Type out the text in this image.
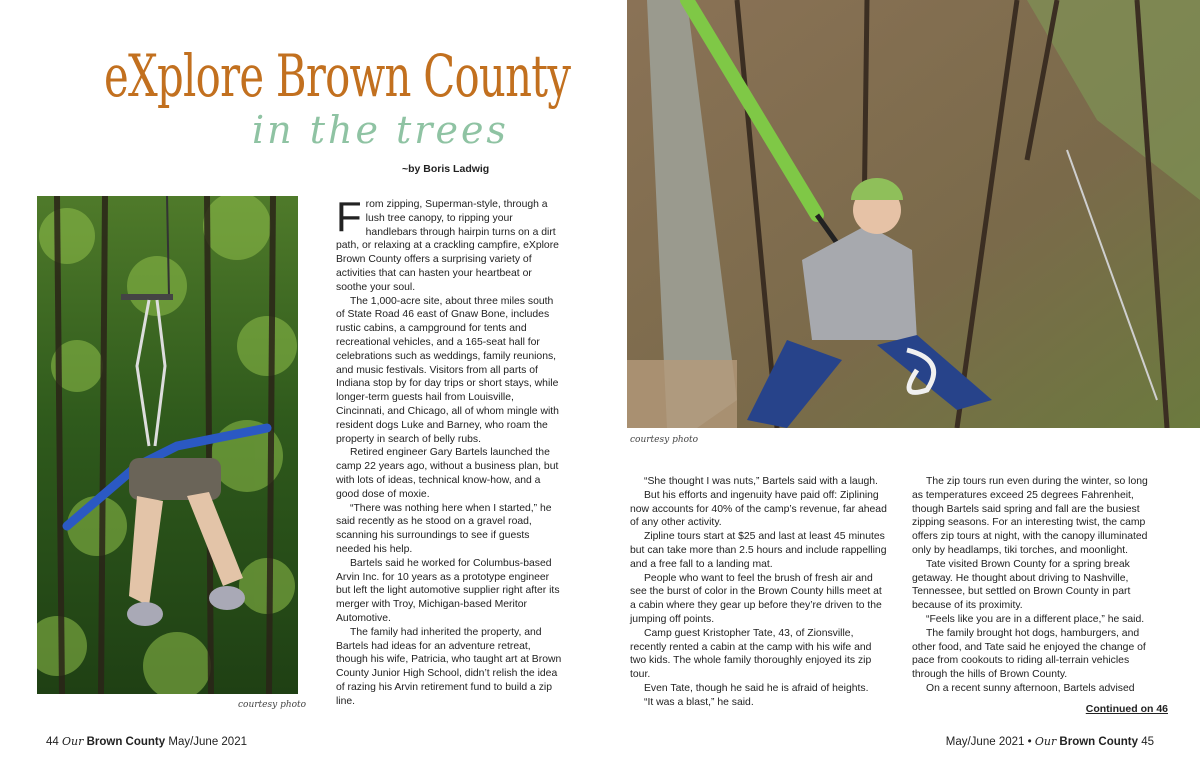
eXplore Brown County
in the trees
~by Boris Ladwig
courtesy photo
F rom zipping, Superman-style, through a lush tree canopy, to ripping your handlebars through hairpin turns on a dirt path, or relaxing at a crackling campfire, eXplore Brown County offers a surprising variety of activities that can hasten your heartbeat or soothe your soul.

The 1,000-acre site, about three miles south of State Road 46 east of Gnaw Bone, includes rustic cabins, a campground for tents and recreational vehicles, and a 165-seat hall for celebrations such as weddings, family reunions, and music festivals. Visitors from all parts of Indiana stop by for day trips or short stays, while longer-term guests hail from Louisville, Cincinnati, and Chicago, all of whom mingle with resident dogs Luke and Barney, who roam the property in search of belly rubs.

Retired engineer Gary Bartels launched the camp 22 years ago, without a business plan, but with lots of ideas, technical know-how, and a good dose of moxie.

“There was nothing here when I started,” he said recently as he stood on a gravel road, scanning his surroundings to see if guests needed his help.

Bartels said he worked for Columbus-based Arvin Inc. for 10 years as a prototype engineer but left the light automotive supplier right after its merger with Troy, Michigan-based Meritor Automotive.

The family had inherited the property, and Bartels had ideas for an adventure retreat, though his wife, Patricia, who taught art at Brown County Junior High School, didn’t relish the idea of razing his Arvin retirement fund to build a zip line.

courtesy photo

“She thought I was nuts,” Bartels said with a laugh.

But his efforts and ingenuity have paid off: Ziplining now accounts for 40% of the camp’s revenue, far ahead of any other activity.

Zipline tours start at $25 and last at least 45 minutes but can take more than 2.5 hours and include rappelling and a free fall to a landing mat.

People who want to feel the brush of fresh air and see the burst of color in the Brown County hills meet at a cabin where they gear up before they’re driven to the jumping off points.

Camp guest Kristopher Tate, 43, of Zionsville, recently rented a cabin at the camp with his wife and two kids. The whole family thoroughly enjoyed its zip tour.

Even Tate, though he said he is afraid of heights.

“It was a blast,” he said.

The zip tours run even during the winter, so long as temperatures exceed 25 degrees Fahrenheit, though Bartels said spring and fall are the busiest zipping seasons. For an interesting twist, the camp offers zip tours at night, with the canopy illuminated only by headlamps, tiki torches, and moonlight.

Tate visited Brown County for a spring break getaway. He thought about driving to Nashville, Tennessee, but settled on Brown County in part because of its proximity.

“Feels like you are in a different place,” he said.

The family brought hot dogs, hamburgers, and other food, and Tate said he enjoyed the change of pace from cookouts to riding all-terrain vehicles through the hills of Brown County.

On a recent sunny afternoon, Bartels advised

Continued on 46
44 Our Brown County May/June 2021	May/June 2021 • Our Brown County 45
